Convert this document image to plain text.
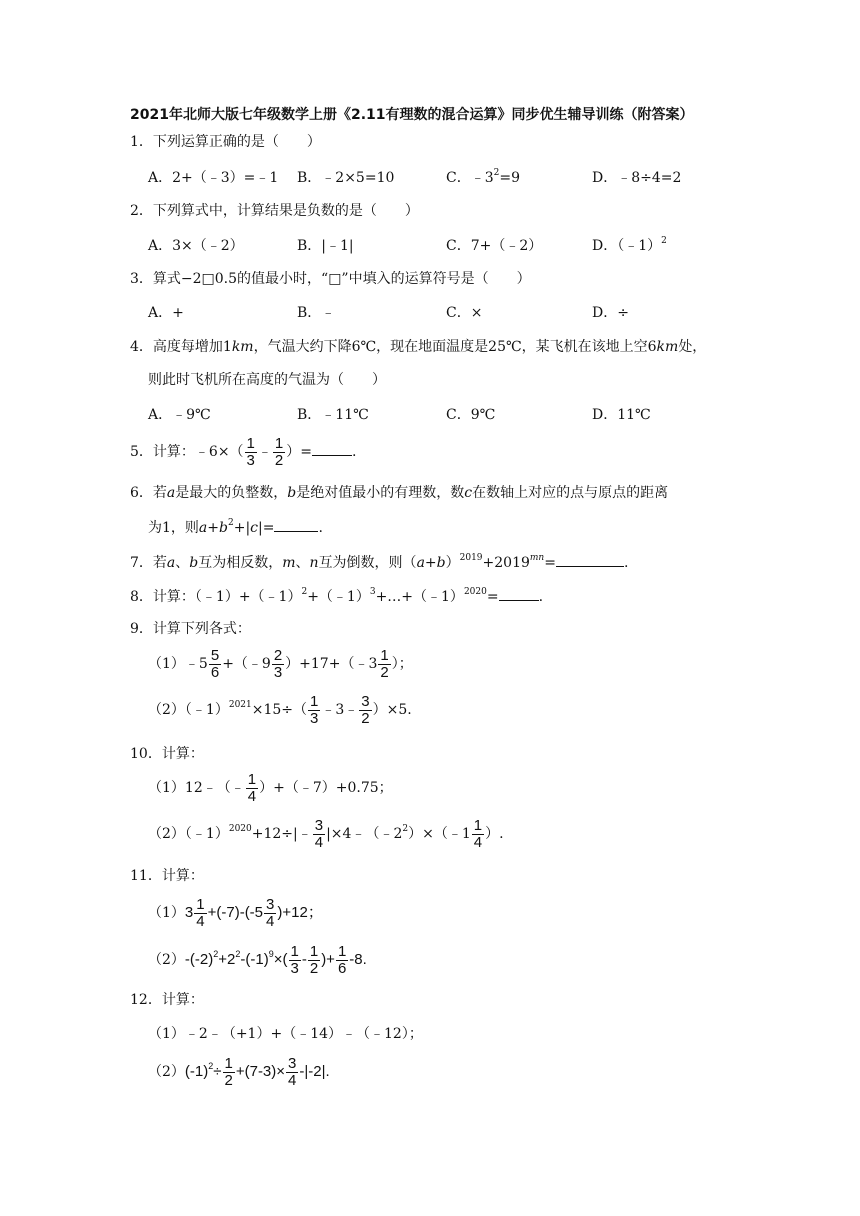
2021年北师大版七年级数学上册《2.11有理数的混合运算》同步优生辅导训练（附答案）
1．下列运算正确的是（　　）
A．2+（﹣3）=﹣1 B．﹣2×5=10	C．$﹣3^2=9$	D．﹣8÷4=2
2．下列算式中，计算结果是负数的是（　　）
A．3×（﹣2）	B．|﹣1|	C．7+（﹣2）	D．（﹣1）$^2$
3．算式−2□0.5的值最小时，“□”中填入的运算符号是（　　）
A．+	B．﹣	C．×	D．÷
4．高度每增加1km，气温大约下降6℃，现在地面温度是25℃，某飞机在该地上空6km处，
则此时飞机所在高度的气温为（　　）
A．﹣9℃	B．﹣11℃	C．9℃	D．11℃
5．计算：﹣6×（ $\frac{1}{3}$ ﹣ $\frac{1}{2}$ ）=	.
6．若a是最大的负整数，b是绝对值最小的有理数，数c在数轴上对应的点与原点的距离
为1，则$a+b^2+|c|=$	.
7．若a、b互为相反数，m、n互为倒数，则$(a+b)^{2019}+2019^{mn}=$	.
8．计算：（﹣1）+（﹣1）$^2$+（﹣1）$^3$+…+（﹣1）$^{2020}$=	.
9．计算下列各式：
（1）﹣5 $\frac{5}{6}$ +（﹣9 $\frac{2}{3}$ ）+17+（﹣3 $\frac{1}{2}$ ）；
（2）（﹣1）$^{2021}$×15÷（ $\frac{1}{3}$ ﹣3﹣ $\frac{3}{2} )\times 5$.
10．计算：
（1）12﹣（﹣ $\frac{1}{4}$ ）+（﹣7）+0.75；
（2）（﹣1）$^{2020}$+12÷|﹣ $\frac{3}{4}$ $|\times 4﹣(﹣2^2)\times(﹣1 \frac{1}{4}$ ）.
11．计算：
$(1)3 \frac{1}{4} +(-7)-(-5 \frac{3}{4} )+12$；
$(2)-(-2)^2+2^2-(-1)^9\times( \frac{1}{3} - \frac{1}{2}$ )+ $\frac{1}{6} -8$.
12．计算：
（1）﹣2﹣（+1）+（﹣14）﹣（﹣12）；
$(2)(-1)^2\div \frac{1}{2} +(7-3)\times \frac{3}{4} -|-2|$.
